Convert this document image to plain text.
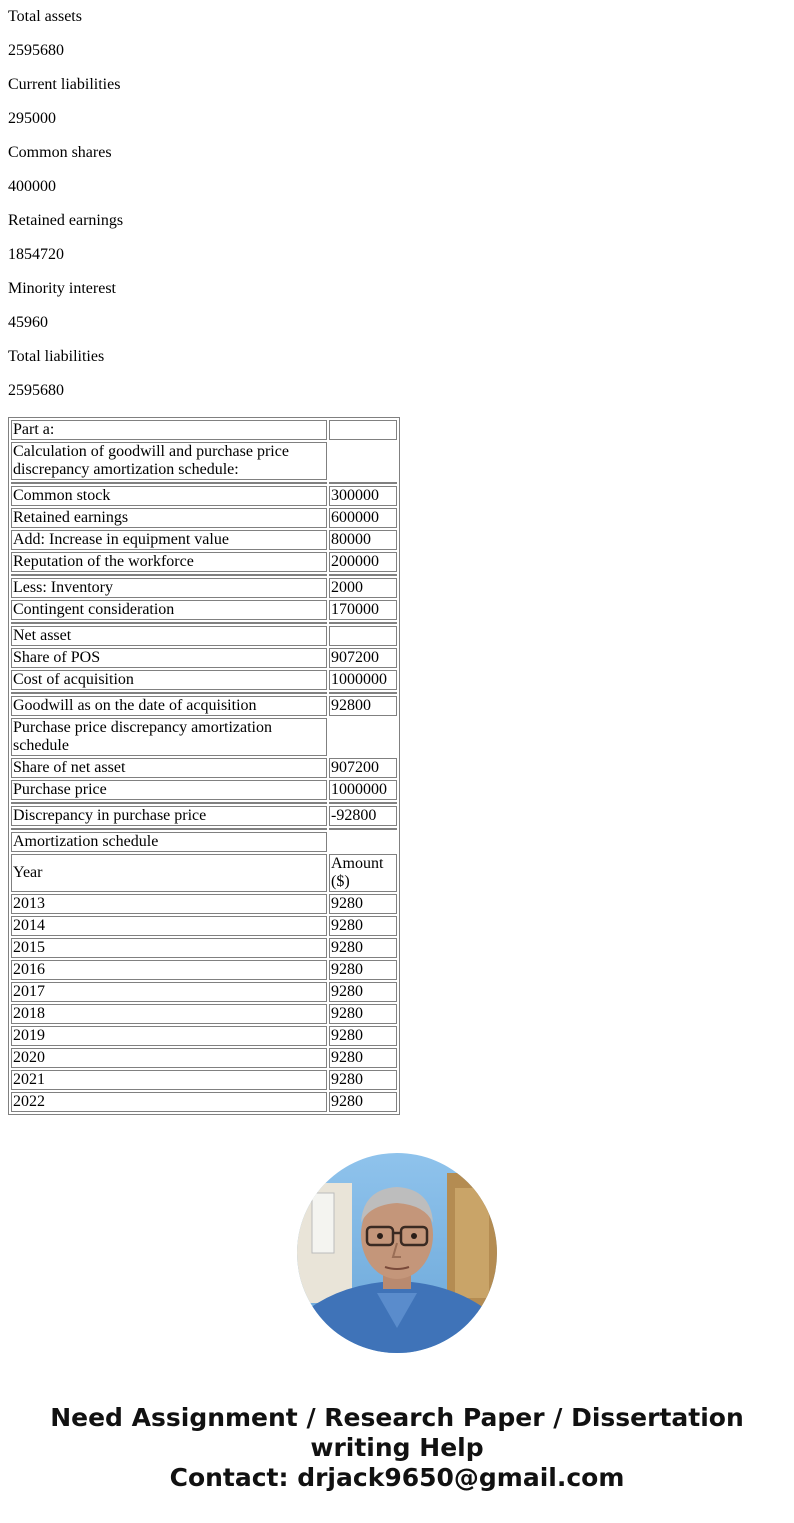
Total assets

2595680

Current liabilities

295000

Common shares

400000

Retained earnings

1854720

Minority interest

45960

Total liabilities

2595680

Part a:	
Calculation of goodwill and purchase price discrepancy amortization schedule:	

Common stock	300000
Retained earnings	600000
Add: Increase in equipment value	80000
Reputation of the workforce	200000

Less: Inventory	2000
Contingent consideration	170000

Net asset	
Share of POS	907200
Cost of acquisition	1000000

Goodwill as on the date of acquisition	92800
Purchase price discrepancy amortization schedule	
Share of net asset	907200
Purchase price	1000000

Discrepancy in purchase price	-92800

Amortization schedule	
Year	Amount ($)
2013	9280
2014	9280
2015	9280
2016	9280
2017	9280
2018	9280
2019	9280
2020	9280
2021	9280
2022	9280
Need Assignment / Research Paper / Dissertation
writing Help
Contact: drjack9650@gmail.com
